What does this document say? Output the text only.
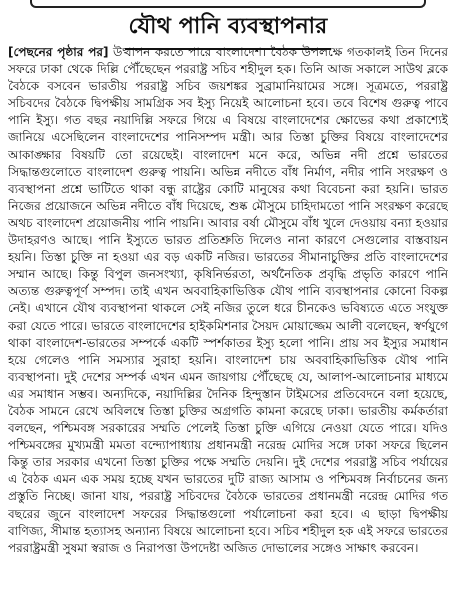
যৌথ পানি ব্যবস্থাপনার
[পেছনের পৃষ্ঠার পর] উত্থাপন করতে পারে বাংলাদেশ। বৈঠক উপলক্ষে গতকালই তিন দিনের সফরে ঢাকা থেকে দিল্লি পৌঁছেছেন পররাষ্ট্র সচিব শহীদুল হক। তিনি আজ সকালে সাউথ ব্লকে বৈঠকে বসবেন ভারতীয় পররাষ্ট্র সচিব জয়শঙ্কর সুব্রামানিয়ামের সঙ্গে। সূত্রমতে, পররাষ্ট্র সচিবদের বৈঠকে দ্বিপক্ষীয় সামগ্রিক সব ইস্যু নিয়েই আলোচনা হবে। তবে বিশেষ গুরুত্ব পাবে পানি ইস্যু। গত বছর নয়াদিল্লি সফরে গিয়ে এ বিষয়ে বাংলাদেশের ক্ষোভের কথা প্রকাশ্যেই জানিয়ে এসেছিলেন বাংলাদেশের পানিসম্পদ মন্ত্রী। আর তিস্তা চুক্তির বিষয়ে বাংলাদেশের আকাঙ্ক্ষার বিষয়টি তো রয়েছেই। বাংলাদেশ মনে করে, অভিন্ন নদী প্রশ্নে ভারতের সিদ্ধান্তগুলোতে বাংলাদেশ গুরুত্ব পায়নি। অভিন্ন নদীতে বাঁধ নির্মাণ, নদীর পানি সংরক্ষণ ও ব্যবস্থাপনা প্রশ্নে ভাটিতে থাকা বন্ধু রাষ্ট্রের কোটি মানুষের কথা বিবেচনা করা হয়নি। ভারত নিজের প্রয়োজনে অভিন্ন নদীতে বাঁধ দিয়েছে, শুষ্ক মৌসুমে চাহিদামতো পানি সংরক্ষণ করেছে অথচ বাংলাদেশ প্রয়োজনীয় পানি পায়নি। আবার বর্ষা মৌসুমে বাঁধ খুলে দেওয়ায় বন্যা হওয়ার উদাহরণও আছে। পানি ইস্যুতে ভারত প্রতিশ্রুতি দিলেও নানা কারণে সেগুলোর বাস্তবায়ন হয়নি। তিস্তা চুক্তি না হওয়া এর বড় একটি নজির। ভারতের সীমানাচুক্তির প্রতি বাংলাদেশের সম্মান আছে। কিন্তু বিপুল জনসংখ্যা, কৃষিনির্ভরতা, অর্থনৈতিক প্রবৃদ্ধি প্রভৃতি কারণে পানি অত্যন্ত গুরুত্বপূর্ণ সম্পদ। তাই এখন অববাহিকাভিত্তিক যৌথ পানি ব্যবস্থাপনার কোনো বিকল্প নেই। এখানে যৌথ ব্যবস্থাপনা থাকলে সেই নজির তুলে ধরে চীনকেও ভবিষ্যতে এতে সংযুক্ত করা যেতে পারে। ভারতে বাংলাদেশের হাইকমিশনার সৈয়দ মোয়াজ্জেম আলী বলেছেন, স্বর্ণযুগে থাকা বাংলাদেশ-ভারতের সম্পর্কে একটি স্পর্শকাতর ইস্যু হলো পানি। প্রায় সব ইস্যুর সমাধান হয়ে গেলেও পানি সমস্যার সুরাহা হয়নি। বাংলাদেশ চায় অববাহিকাভিত্তিক যৌথ পানি ব্যবস্থাপনা। দুই দেশের সম্পর্ক এখন এমন জায়গায় পৌঁছেছে যে, আলাপ-আলোচনার মাধ্যমে এর সমাধান সম্ভব। অন্যদিকে, নয়াদিল্লির দৈনিক হিন্দুস্তান টাইমসের প্রতিবেদনে বলা হয়েছে, বৈঠক সামনে রেখে অবিলম্বে তিস্তা চুক্তির অগ্রগতি কামনা করেছে ঢাকা। ভারতীয় কর্মকর্তারা বলছেন, পশ্চিমবঙ্গ সরকারের সম্মতি পেলেই তিস্তা চুক্তি এগিয়ে নেওয়া যেতে পারে। যদিও পশ্চিমবঙ্গের মুখ্যমন্ত্রী মমতা বন্দ্যোপাধ্যায় প্রধানমন্ত্রী নরেন্দ্র মোদির সঙ্গে ঢাকা সফরে ছিলেন কিন্তু তার সরকার এখনো তিস্তা চুক্তির পক্ষে সম্মতি দেয়নি। দুই দেশের পররাষ্ট্র সচিব পর্যায়ের এ বৈঠক এমন এক সময় হচ্ছে যখন ভারতের দুটি রাজ্য আসাম ও পশ্চিমবঙ্গ নির্বাচনের জন্য প্রস্তুতি নিচ্ছে। জানা যায়, পররাষ্ট্র সচিবদের বৈঠকে ভারতের প্রধানমন্ত্রী নরেন্দ্র মোদির গত বছরের জুনে বাংলাদেশ সফরের সিদ্ধান্তগুলো পর্যালোচনা করা হবে। এ ছাড়া দ্বিপক্ষীয় বাণিজ্য, সীমান্ত হত্যাসহ অন্যান্য বিষয়ে আলোচনা হবে। সচিব শহীদুল হক এই সফরে ভারতের পররাষ্ট্রমন্ত্রী সুষমা স্বরাজ ও নিরাপত্তা উপদেষ্টা অজিত দোভালের সঙ্গেও সাক্ষাৎ করবেন।
